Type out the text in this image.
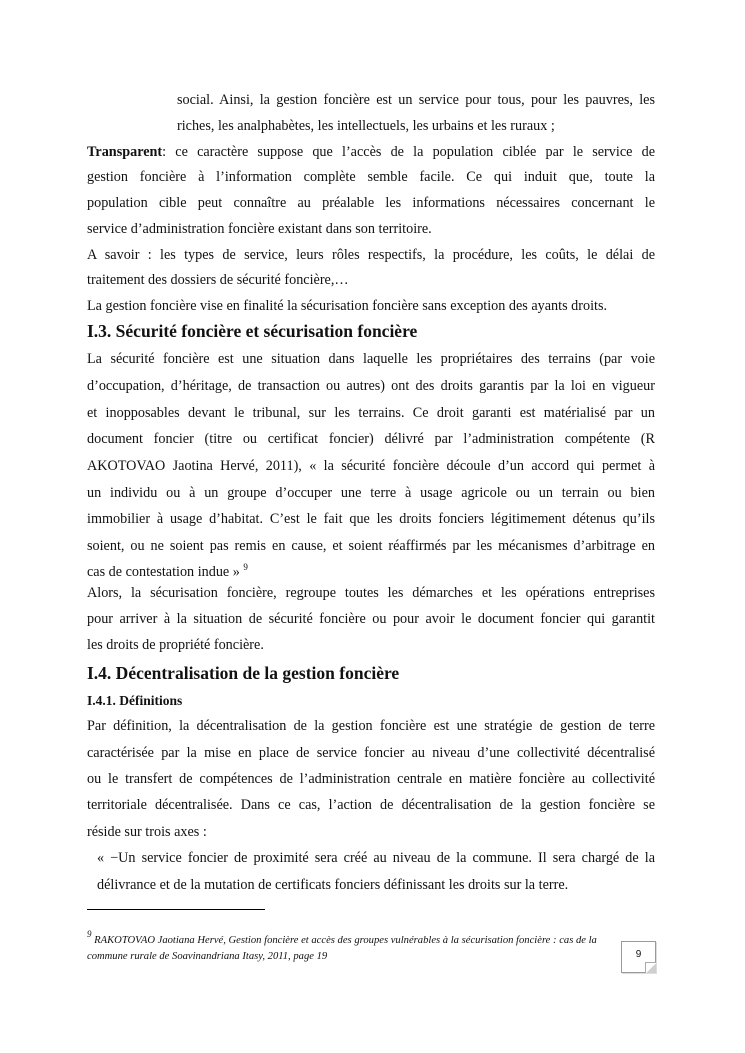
social. Ainsi, la gestion foncière est un service pour tous, pour les pauvres, les
riches, les analphabètes, les intellectuels, les urbains et les ruraux ;
Transparent: ce caractère suppose que l’accès de la population ciblée par le service de
gestion foncière à l’information complète semble facile. Ce qui induit que, toute la
population cible peut connaître au préalable les informations nécessaires concernant le
service d’administration foncière existant dans son territoire.
A savoir : les types de service, leurs rôles respectifs, la procédure, les coûts, le délai de
traitement des dossiers de sécurité foncière,…
La gestion foncière vise en finalité la sécurisation foncière sans exception des ayants droits.
I.3. Sécurité foncière et sécurisation foncière
La sécurité foncière est une situation dans laquelle les propriétaires des terrains (par voie
d’occupation, d’héritage, de transaction ou autres) ont des droits garantis par la loi en vigueur
et inopposables devant le tribunal, sur les terrains. Ce droit garanti est matérialisé par un
document foncier (titre ou certificat foncier) délivré par l’administration compétente (R
AKOTOVAO Jaotina Hervé, 2011), « la sécurité foncière découle d’un accord qui permet à
un individu ou à un groupe d’occuper une terre à usage agricole ou un terrain ou bien
immobilier à usage d’habitat. C’est le fait que les droits fonciers légitimement détenus qu’ils
soient, ou ne soient pas remis en cause, et soient réaffirmés par les mécanismes d’arbitrage en
cas de contestation indue » $^9$
Alors, la sécurisation foncière, regroupe toutes les démarches et les opérations entreprises
pour arriver à la situation de sécurité foncière ou pour avoir le document foncier qui garantit
les droits de propriété foncière.
I.4. Décentralisation de la gestion foncière
I.4.1. Définitions
Par définition, la décentralisation de la gestion foncière est une stratégie de gestion de terre
caractérisée par la mise en place de service foncier au niveau d’une collectivité décentralisé
ou le transfert de compétences de l’administration centrale en matière foncière au collectivité
territoriale décentralisée. Dans ce cas, l’action de décentralisation de la gestion foncière se
réside sur trois axes :
« −Un service foncier de proximité sera créé au niveau de la commune. Il sera chargé de la
délivrance et de la mutation de certificats fonciers définissant les droits sur la terre.
$^9$ RAKOTOVAO Jaotiana Hervé, Gestion foncière et accès des groupes vulnérables à la sécurisation foncière : cas de la
commune rurale de Soavinandriana Itasy, 2011, page 19	9
